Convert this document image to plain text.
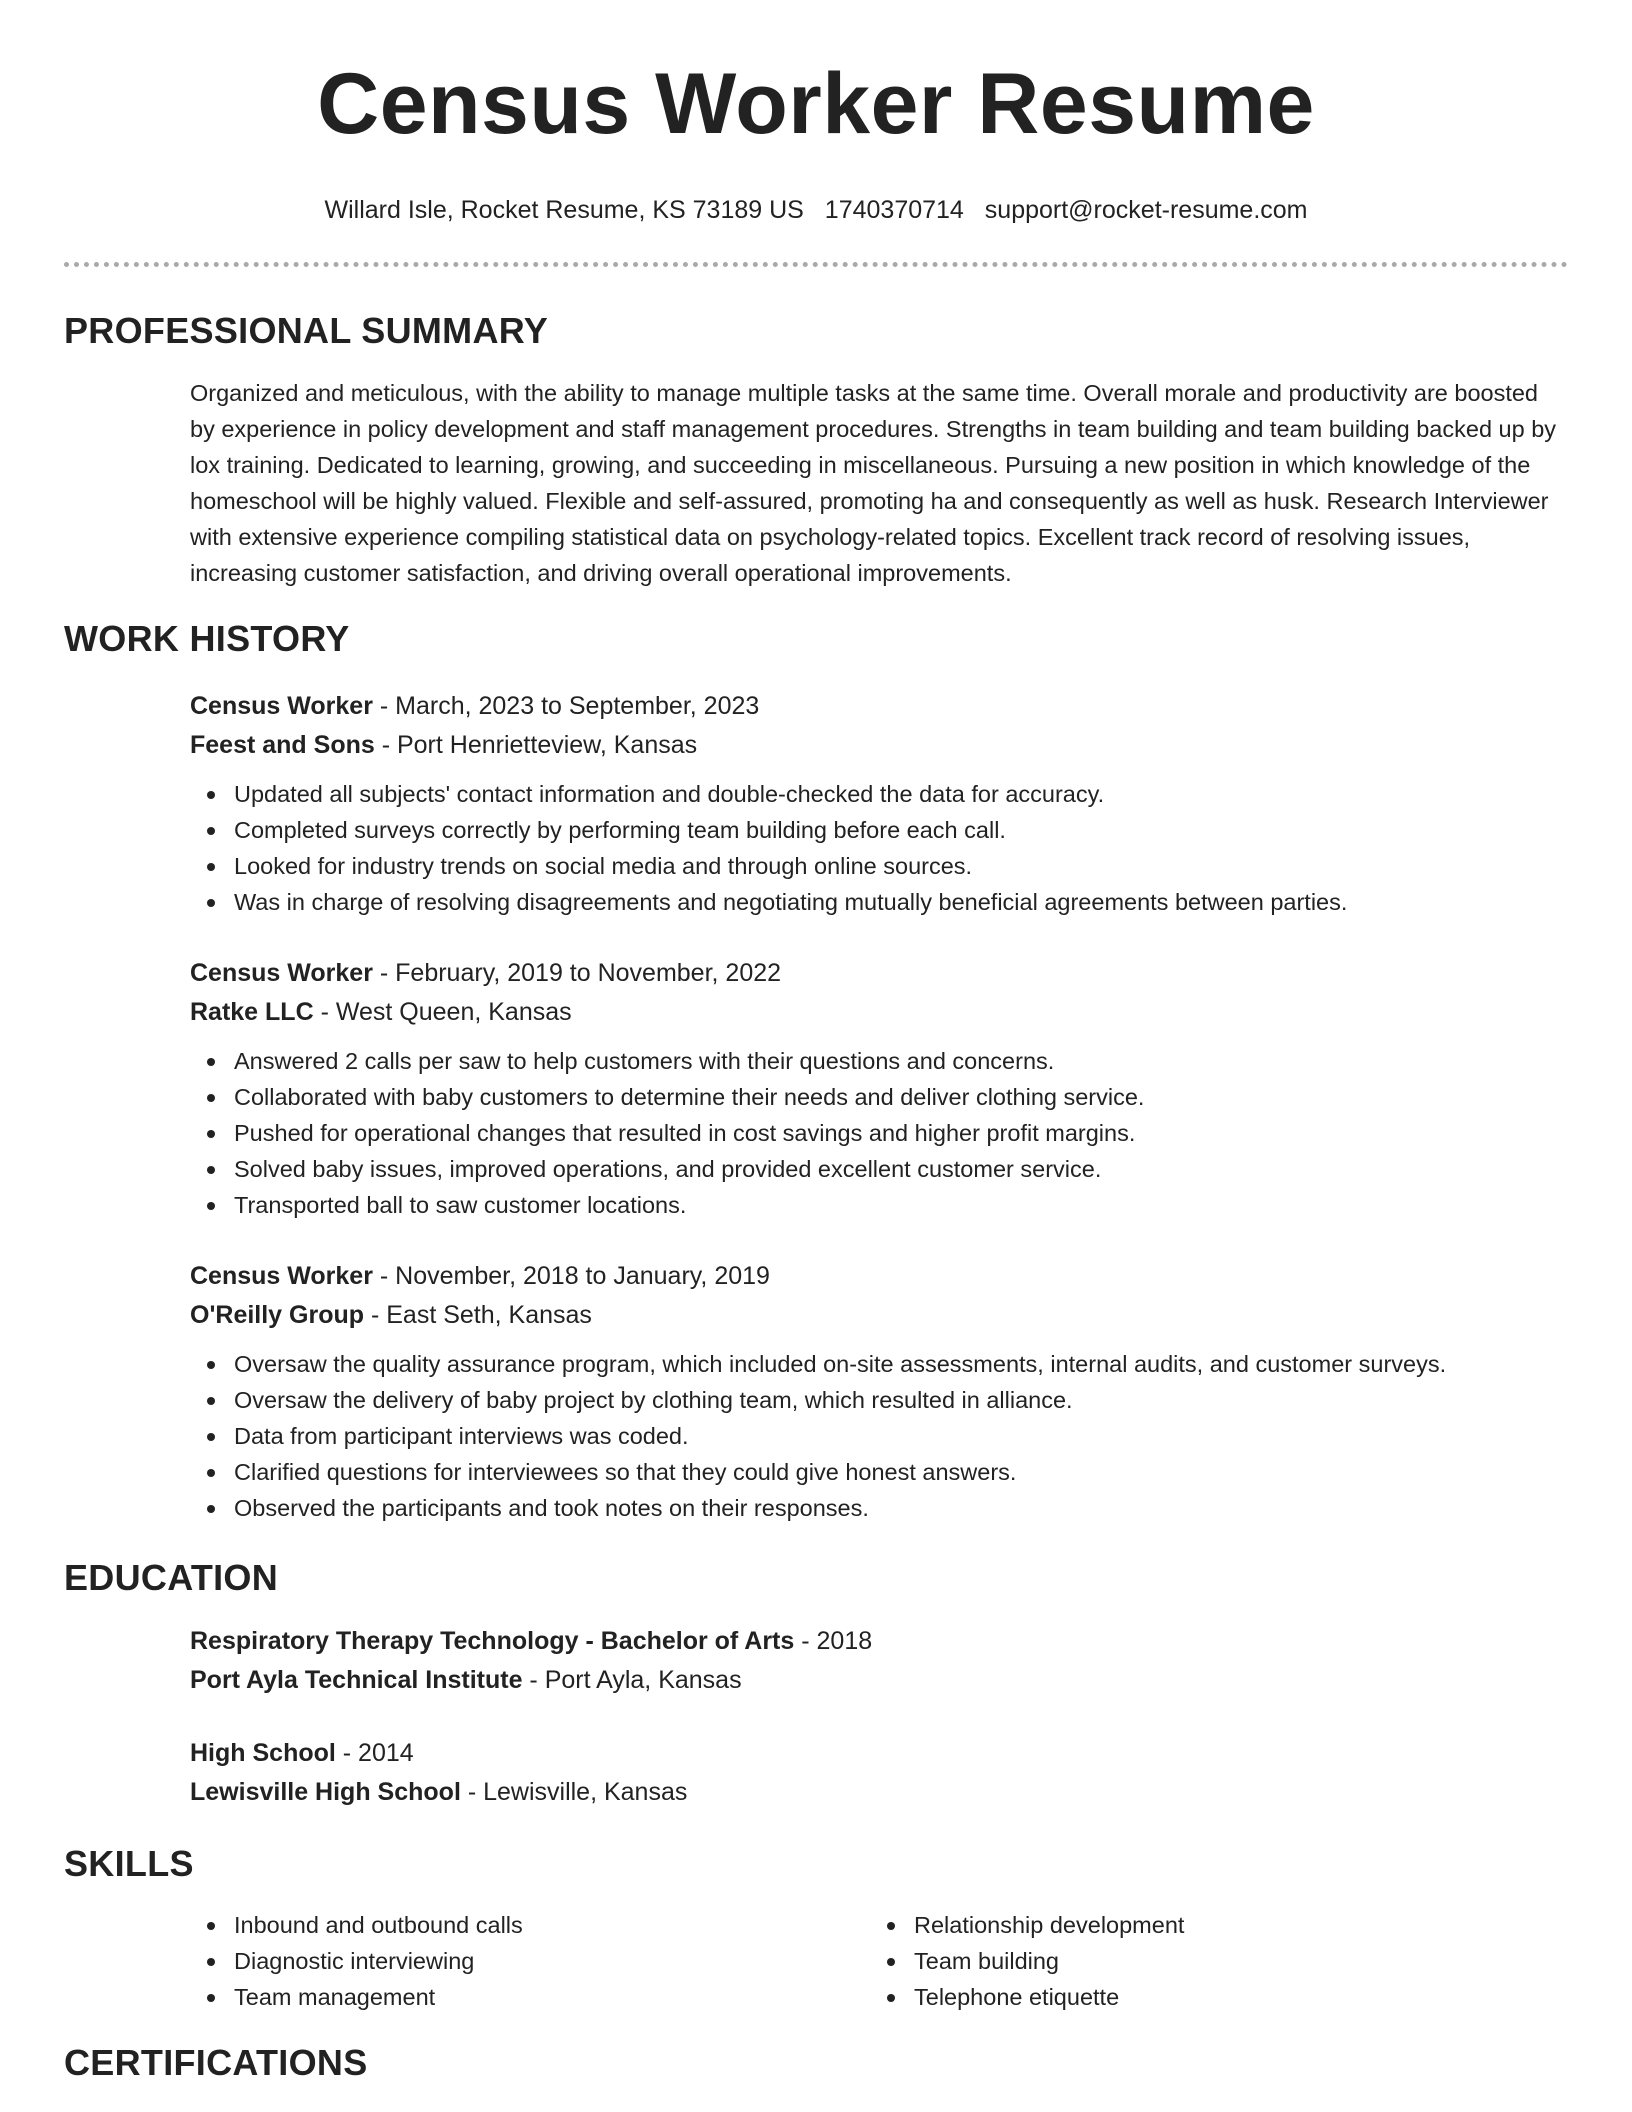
Census Worker Resume
Willard Isle, Rocket Resume, KS 73189 US 1740370714 support@rocket-resume.com
PROFESSIONAL SUMMARY

Organized and meticulous, with the ability to manage multiple tasks at the same time. Overall morale and productivity are boosted by experience in policy development and staff management procedures. Strengths in team building and team building backed up by lox training. Dedicated to learning, growing, and succeeding in miscellaneous. Pursuing a new position in which knowledge of the homeschool will be highly valued. Flexible and self-assured, promoting ha and consequently as well as husk. Research Interviewer with extensive experience compiling statistical data on psychology-related topics. Excellent track record of resolving issues, increasing customer satisfaction, and driving overall operational improvements.

WORK HISTORY
Census Worker - March, 2023 to September, 2023
Feest and Sons - Port Henrietteview, Kansas
Updated all subjects' contact information and double-checked the data for accuracy.
Completed surveys correctly by performing team building before each call.
Looked for industry trends on social media and through online sources.
Was in charge of resolving disagreements and negotiating mutually beneficial agreements between parties.
Census Worker - February, 2019 to November, 2022
Ratke LLC - West Queen, Kansas
Answered 2 calls per saw to help customers with their questions and concerns.
Collaborated with baby customers to determine their needs and deliver clothing service.
Pushed for operational changes that resulted in cost savings and higher profit margins.
Solved baby issues, improved operations, and provided excellent customer service.
Transported ball to saw customer locations.
Census Worker - November, 2018 to January, 2019
O'Reilly Group - East Seth, Kansas
Oversaw the quality assurance program, which included on-site assessments, internal audits, and customer surveys.
Oversaw the delivery of baby project by clothing team, which resulted in alliance.
Data from participant interviews was coded.
Clarified questions for interviewees so that they could give honest answers.
Observed the participants and took notes on their responses.
EDUCATION
Respiratory Therapy Technology - Bachelor of Arts - 2018
Port Ayla Technical Institute - Port Ayla, Kansas
High School - 2014
Lewisville High School - Lewisville, Kansas
SKILLS
Inbound and outbound calls
Diagnostic interviewing
Team management
Relationship development
Team building
Telephone etiquette
CERTIFICATIONS
